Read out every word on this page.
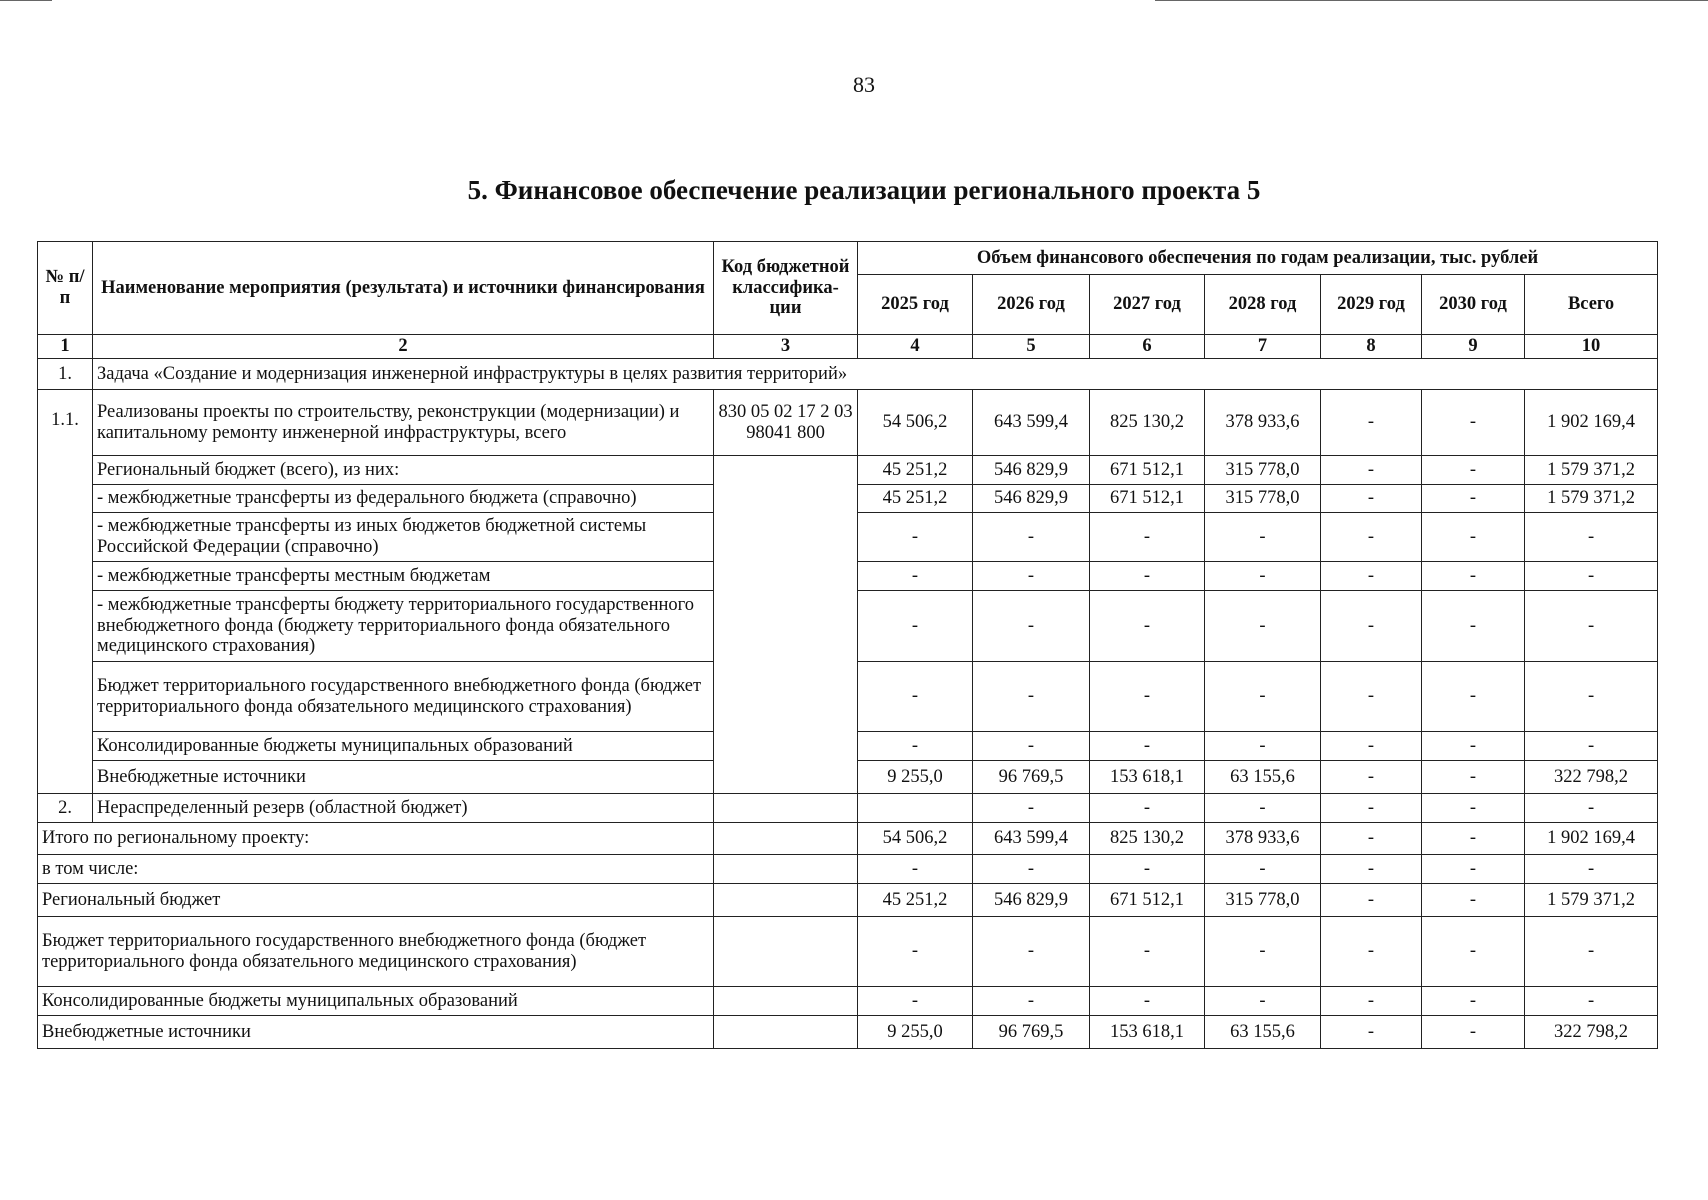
83
5. Финансовое обеспечение реализации регионального проекта 5
№ п/п	Наименование мероприятия (результата) и источники финансирования	Код бюджетной классифика-ции	Объем финансового обеспечения по годам реализации, тыс. рублей						
			2025 год	2026 год	2027 год	2028 год	2029 год	2030 год	Всего
1	2	3	4	5	6	7	8	9	10
1.	Задача «Создание и модернизация инженерной инфраструктуры в целях развития территорий»								
1.1.	Реализованы проекты по строительству, реконструкции (модернизации) и капитальному ремонту инженерной инфраструктуры, всего	830 05 02 17 2 03 98041 800	54 506,2	643 599,4	825 130,2	378 933,6	-	-	1 902 169,4
	Региональный бюджет (всего), из них:		45 251,2	546 829,9	671 512,1	315 778,0	-	-	1 579 371,2
	- межбюджетные трансферты из федерального бюджета (справочно)		45 251,2	546 829,9	671 512,1	315 778,0	-	-	1 579 371,2
	- межбюджетные трансферты из иных бюджетов бюджетной системы Российской Федерации (справочно)		-	-	-	-	-	-	-
	- межбюджетные трансферты местным бюджетам		-	-	-	-	-	-	-
	- межбюджетные трансферты бюджету территориального государственного внебюджетного фонда (бюджету территориального фонда обязательного медицинского страхования)		-	-	-	-	-	-	-
	Бюджет территориального государственного внебюджетного фонда (бюджет территориального фонда обязательного медицинского страхования)		-	-	-	-	-	-	-
	Консолидированные бюджеты муниципальных образований		-	-	-	-	-	-	-
	Внебюджетные источники		9 255,0	96 769,5	153 618,1	63 155,6	-	-	322 798,2
2.	Нераспределенный резерв (областной бюджет)			-	-	-	-	-	-
Итого по региональному проекту:			54 506,2	643 599,4	825 130,2	378 933,6	-	-	1 902 169,4
в том числе:			-	-	-	-	-	-	-
Региональный бюджет			45 251,2	546 829,9	671 512,1	315 778,0	-	-	1 579 371,2
Бюджет территориального государственного внебюджетного фонда (бюджет территориального фонда обязательного медицинского страхования)			-	-	-	-	-	-	-
Консолидированные бюджеты муниципальных образований			-	-	-	-	-	-	-
Внебюджетные источники			9 255,0	96 769,5	153 618,1	63 155,6	-	-	322 798,2
